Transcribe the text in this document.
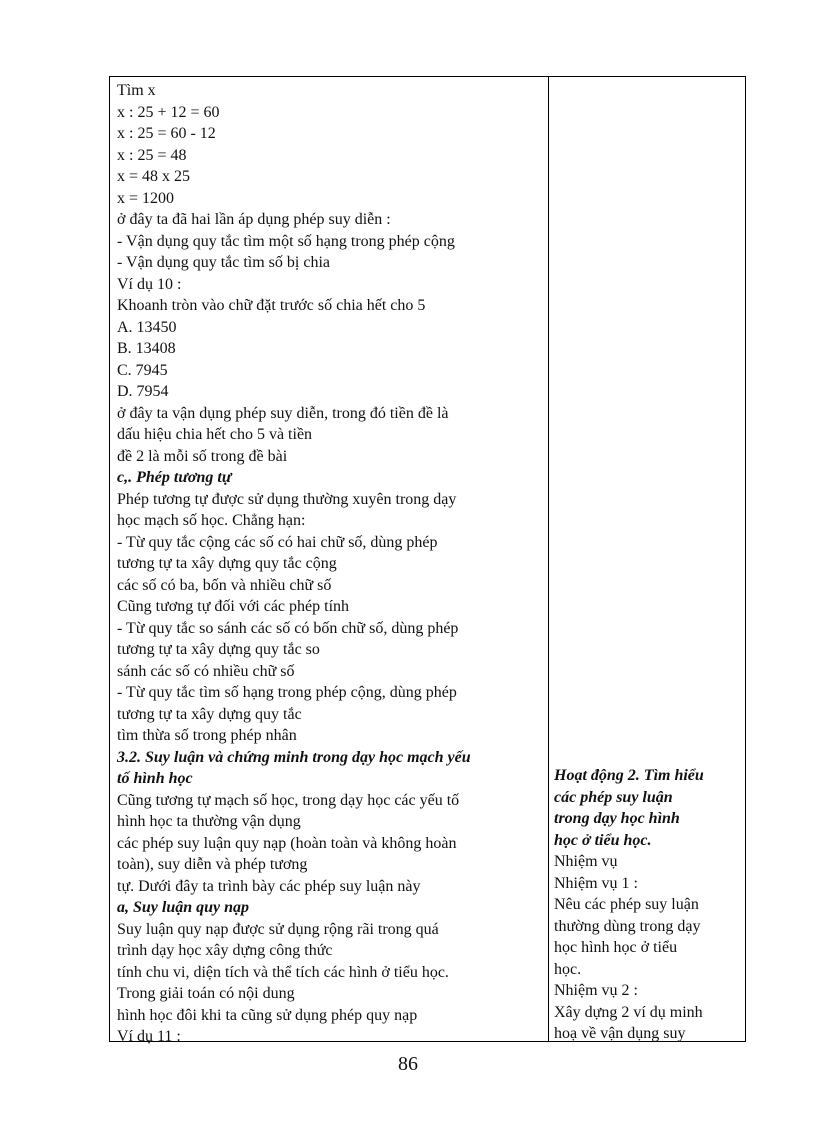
Tìm x
x : 25 + 12 = 60
x : 25 = 60 - 12
x : 25 = 48
x = 48 x 25
x = 1200
ở đây ta đã hai lần áp dụng phép suy diễn :
- Vận dụng quy tắc tìm một số hạng trong phép cộng
- Vận dụng quy tắc tìm số bị chia
Ví dụ 10 :
Khoanh tròn vào chữ đặt trước số chia hết cho 5
A. 13450
B. 13408
C. 7945
D. 7954
ở đây ta vận dụng phép suy diễn, trong đó tiền đề là
dấu hiệu chia hết cho 5 và tiền
đề 2 là mỗi số trong đề bài
c,. Phép tương tự
Phép tương tự được sử dụng thường xuyên trong dạy
học mạch số học. Chẳng hạn:
- Từ quy tắc cộng các số có hai chữ số, dùng phép
tương tự ta xây dựng quy tắc cộng
các số có ba, bốn và nhiều chữ số
Cũng tương tự đối với các phép tính
- Từ quy tắc so sánh các số có bốn chữ số, dùng phép
tương tự ta xây dựng quy tắc so
sánh các số có nhiều chữ số
- Từ quy tắc tìm số hạng trong phép cộng, dùng phép
tương tự ta xây dựng quy tắc
tìm thừa số trong phép nhân
3.2. Suy luận và chứng minh trong dạy học mạch yếu
tố hình học
Cũng tương tự mạch số học, trong dạy học các yếu tố
hình học ta thường vận dụng
các phép suy luận quy nạp (hoàn toàn và không hoàn
toàn), suy diễn và phép tương
tự. Dưới đây ta trình bày các phép suy luận này
a, Suy luận quy nạp
Suy luận quy nạp được sử dụng rộng rãi trong quá
trình dạy học xây dựng công thức
tính chu vi, diện tích và thể tích các hình ở tiểu học.
Trong giải toán có nội dung
hình học đôi khi ta cũng sử dụng phép quy nạp
Ví dụ 11 :
Hoạt động 2. Tìm hiểu
các phép suy luận
trong dạy học hình
học ở tiểu học.
Nhiệm vụ
Nhiệm vụ 1 :
Nêu các phép suy luận
thường dùng trong dạy
học hình học ở tiểu
học.
Nhiệm vụ 2 :
Xây dựng 2 ví dụ minh
hoạ về vận dụng suy
86
